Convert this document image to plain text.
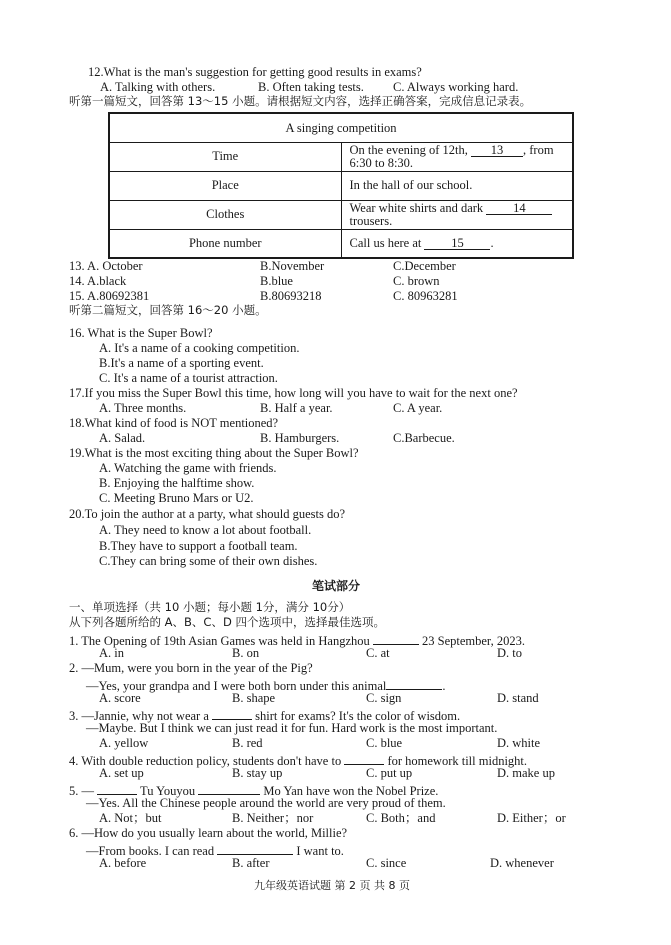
12.What is the man's suggestion for getting good results in exams?
A. Talking with others.	B. Often taking tests. C. Always working hard.
听第一篇短文，回答第 13～15 小题。请根据短文内容，选择正确答案，完成信息记录表。
A singing competition	
Time	On the evening of 12th, 13 , from 6:30 to 8:30.
Place	In the hall of our school.
Clothes	Wear white shirts and dark 14 trousers.
Phone number	Call us here at 15 .
13. A. October	B.November	C.December
14. A.black	B.blue	C. brown
15. A.80692381	B.80693218	C. 80963281
听第二篇短文，回答第 16～20 小题。
16. What is the Super Bowl?
A. It's a name of a cooking competition.
B.It's a name of a sporting event.
C. It's a name of a tourist attraction.
17.If you miss the Super Bowl this time, how long will you have to wait for the next one?
A. Three months.	B. Half a year.	C. A year.
18.What kind of food is NOT mentioned?
A. Salad.	B. Hamburgers.	C.Barbecue.
19.What is the most exciting thing about the Super Bowl?
A. Watching the game with friends.
B. Enjoying the halftime show.
C. Meeting Bruno Mars or U2.
20.To join the author at a party, what should guests do?
A. They need to know a lot about football.
B.They have to support a football team.
C.They can bring some of their own dishes.
笔试部分
一、单项选择（共 10 小题；每小题 1分，满分 10分）
从下列各题所给的 A、B、C、D 四个选项中，选择最佳选项。
1. The Opening of 19th Asian Games was held in Hangzhou	23 September, 2023.
A. in	B. on	C. at	D. to
2. —Mum, were you born in the year of the Pig?
—Yes, your grandpa and I were both born under this animal	.
A. score	B. shape	C. sign	D. stand
3. —Jannie, why not wear a	shirt for exams? It's the color of wisdom.
—Maybe. But I think we can just read it for fun. Hard work is the most important.
A. yellow	B. red	C. blue	D. white
4. With double reduction policy, students don't have to	for homework till midnight.
A. set up	B. stay up	C. put up	D. make up
5. —	Tu Youyou	Mo Yan have won the Nobel Prize.
—Yes. All the Chinese people around the world are very proud of them.
A. Not；but	B. Neither；nor	C. Both；and	D. Either；or
6. —How do you usually learn about the world, Millie?
—From books. I can read	I want to.
A. before	B. after	C. since	D. whenever
九年级英语试题 第 2 页 共 8 页
